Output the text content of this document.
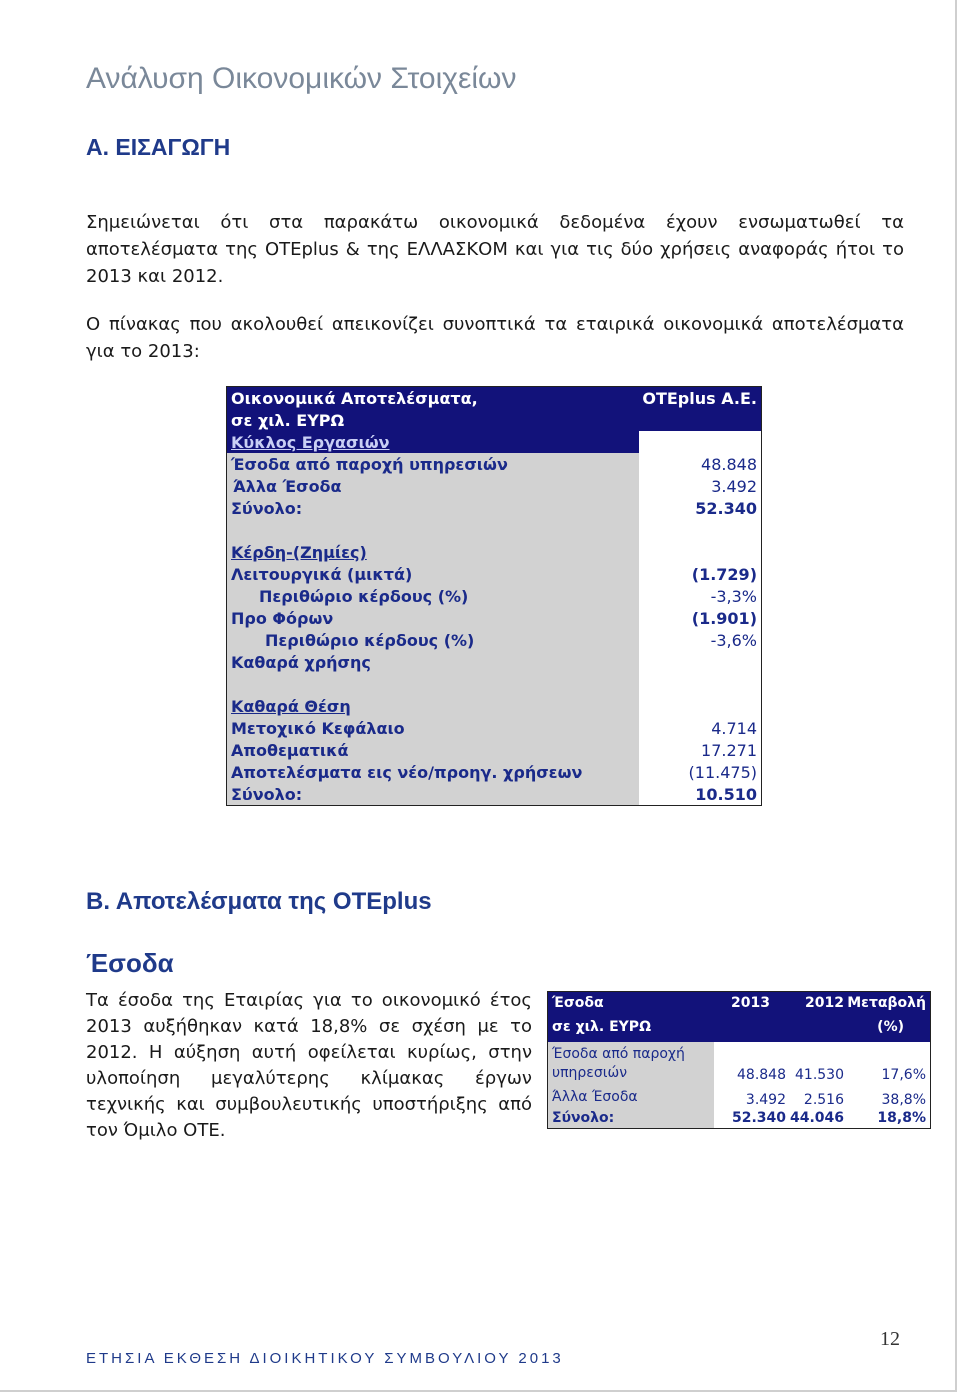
Ανάλυση Οικονομικών Στοιχείων
Α. ΕΙΣΑΓΩΓΗ
Σημειώνεται ότι στα παρακάτω οικονομικά δεδομένα έχουν ενσωματωθεί τα αποτελέσματα της OTEplus & της ΕΛΛΑΣΚΟΜ και για τις δύο χρήσεις αναφοράς ήτοι το 2013 και 2012.
Ο πίνακας που ακολουθεί απεικονίζει συνοπτικά τα εταιρικά οικονομικά αποτελέσματα για το 2013:
Οικονομικά Αποτελέσματα,	OTEplus A.E.
σε χιλ. ΕΥΡΩ
Κύκλος Εργασιών
Έσοδα από παροχή υπηρεσιών	48.848
Άλλα Έσοδα	3.492
Σύνολο:	52.340
Κέρδη-(Ζημίες)
Λειτουργικά (μικτά)	(1.729)
Περιθώριο κέρδους (%)	-3,3%
Προ Φόρων	(1.901)
Περιθώριο κέρδους (%)	-3,6%
Καθαρά χρήσης
Καθαρά Θέση
Μετοχικό Κεφάλαιο	4.714
Αποθεματικά	17.271
Αποτελέσματα εις νέο/προηγ. χρήσεων	(11.475)
Σύνολο:	10.510
Β. Αποτελέσματα της OTEplus
Έσοδα
Τα έσοδα της Εταιρίας για το οικονομικό έτος 2013 αυξήθηκαν κατά 18,8% σε σχέση με το 2012. Η αύξηση αυτή οφείλεται κυρίως, στην υλοποίηση μεγαλύτερης κλίμακας έργων τεχνικής και συμβουλευτικής υποστήριξης από τον Όμιλο ΟΤΕ.
Έσοδα	2013	2012 Μεταβολή
σε χιλ. ΕΥΡΩ	(%)
Έσοδα από παροχή
υπηρεσιών	48.848 41.530	17,6%
Άλλα Έσοδα	3.492 2.516	38,8%
Σύνολο:	52.340 44.046 18,8%
12
ΕΤΗΣΙΑ ΕΚΘΕΣΗ ΔΙΟΙΚΗΤΙΚΟΥ ΣΥΜΒΟΥΛΙΟΥ 2013
